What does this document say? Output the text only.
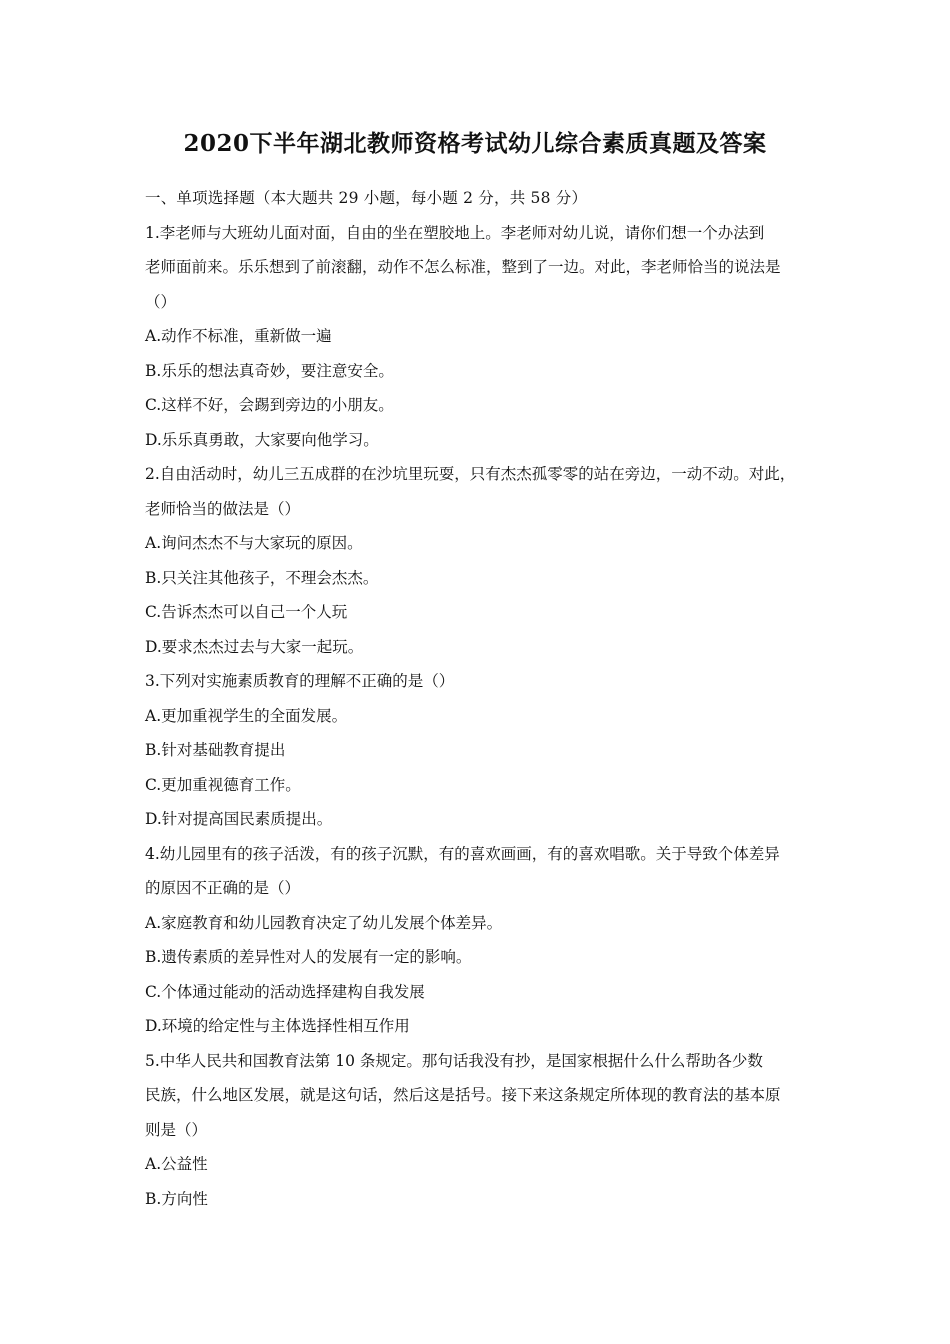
2020下半年湖北教师资格考试幼儿综合素质真题及答案

一、单项选择题（本大题共 29 小题，每小题 2 分，共 58 分）

1.李老师与大班幼儿面对面，自由的坐在塑胶地上。李老师对幼儿说，请你们想一个办法到

老师面前来。乐乐想到了前滚翻，动作不怎么标准，整到了一边。对此，李老师恰当的说法是

（）

A.动作不标准，重新做一遍

B.乐乐的想法真奇妙，要注意安全。

C.这样不好，会踢到旁边的小朋友。

D.乐乐真勇敢，大家要向他学习。

2.自由活动时，幼儿三五成群的在沙坑里玩耍，只有杰杰孤零零的站在旁边，一动不动。对此，

老师恰当的做法是（）

A.询问杰杰不与大家玩的原因。

B.只关注其他孩子，不理会杰杰。

C.告诉杰杰可以自己一个人玩

D.要求杰杰过去与大家一起玩。

3.下列对实施素质教育的理解不正确的是（）

A.更加重视学生的全面发展。

B.针对基础教育提出

C.更加重视德育工作。

D.针对提高国民素质提出。

4.幼儿园里有的孩子活泼，有的孩子沉默，有的喜欢画画，有的喜欢唱歌。关于导致个体差异

的原因不正确的是（）

A.家庭教育和幼儿园教育决定了幼儿发展个体差异。

B.遗传素质的差异性对人的发展有一定的影响。

C.个体通过能动的活动选择建构自我发展

D.环境的给定性与主体选择性相互作用

5.中华人民共和国教育法第 10 条规定。那句话我没有抄，是国家根据什么什么帮助各少数

民族，什么地区发展，就是这句话，然后这是括号。接下来这条规定所体现的教育法的基本原

则是（）

A.公益性

B.方向性
